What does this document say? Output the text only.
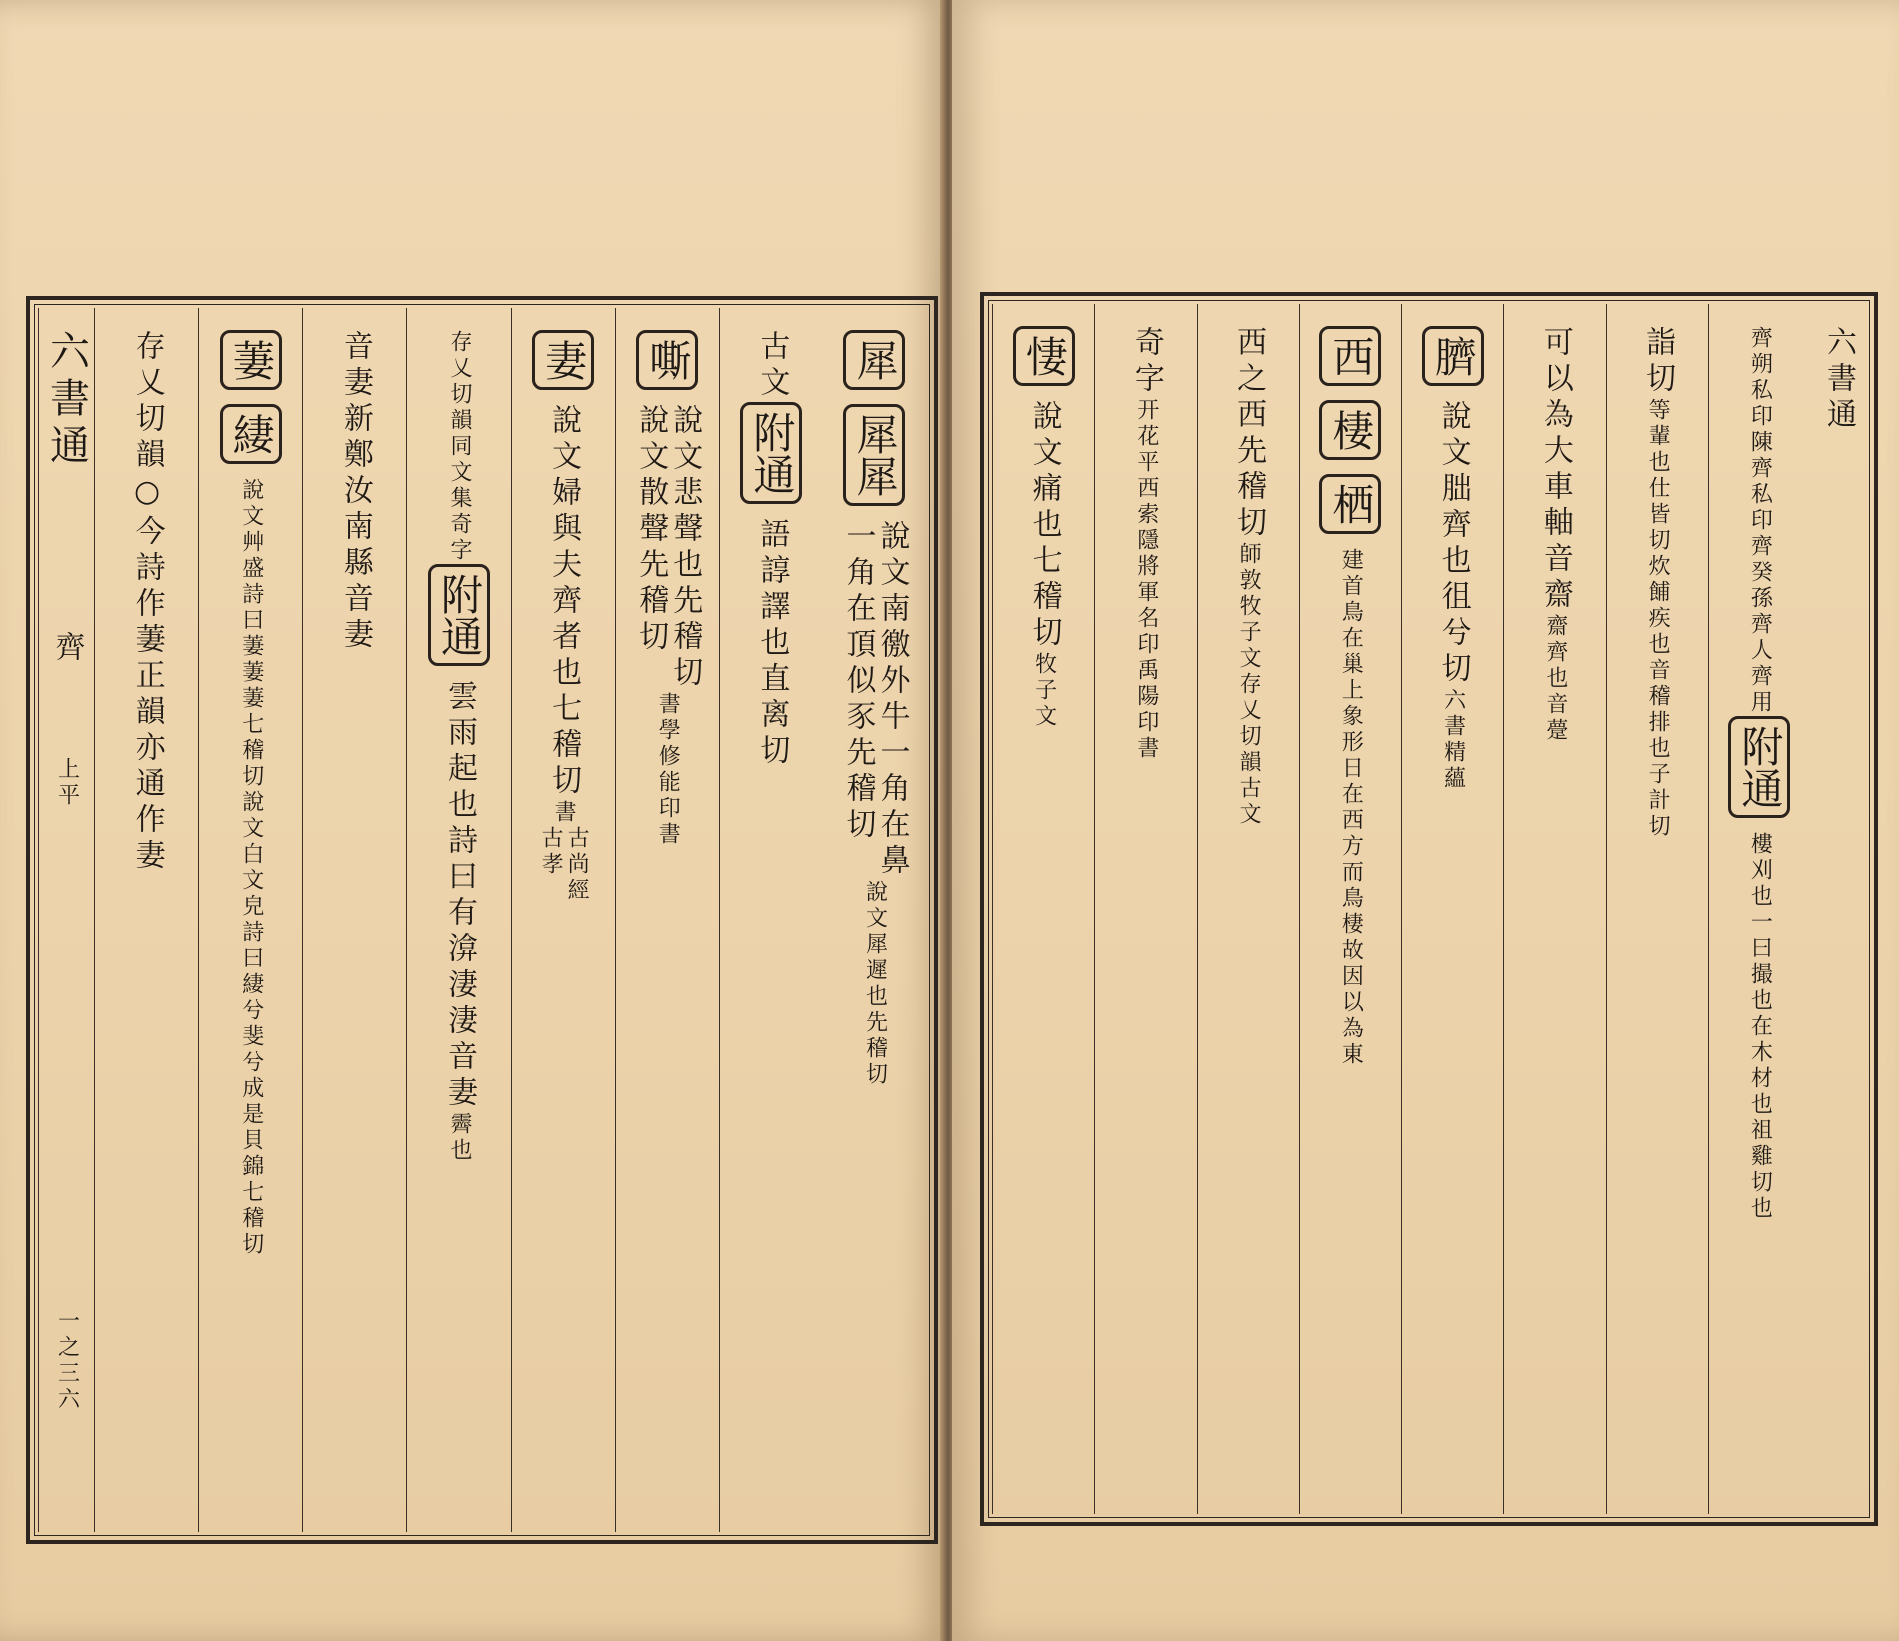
犀
犀犀
說文南徼外牛一角在鼻
一角在頂似豕先稽切
說文犀遲也先稽切
古文
附通
語諄譯也直离切
嘶
說文悲聲也先稽切
說文散聲先稽切
書學
修能印書
妻
說文婦與夫齊者也七稽切
書
古尚經
古孝
存乂切韻
同文集
奇字
附通
雲雨起也詩曰有渰淒淒音妻
霽也
音妻
新鄭汝南縣音妻
萋
緀
說文艸盛詩曰萋萋萋七稽切
說文白文皃詩曰緀兮斐兮成是貝錦七稽切
存乂切韻
○今詩作萋正韻亦通作妻
六書通
齊
上平
一之三六
六書通
齊朔私印
陳齊
私印
齊癸
孫齊人
齊用
附通
樓刈也一曰撮也在
木材也祖
雞切
也
詣切
等輩也仕皆切
炊餔疾也音稽
排也子計切
可以為大車軸音齋
齋
齊也音䠢
臍
說文朏齊也徂兮切
六書精蘊
西
棲
栖
建首鳥在巢上象形日在西方而鳥棲故因以為東
西之西先稽切
師敦
牧子文
存乂切韻
古文
奇字
开花
平西
索隱將軍
名印
禹陽印書
悽
說文痛也七稽切
牧子文
